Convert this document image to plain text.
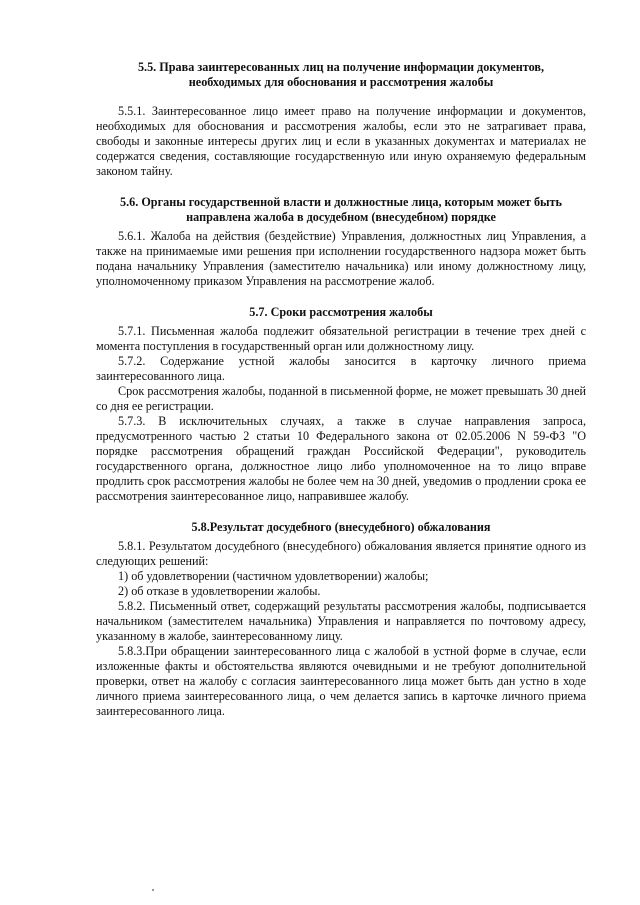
5.5. Права заинтересованных лиц на получение информации документов,
необходимых для обоснования и рассмотрения жалобы

5.5.1. Заинтересованное лицо имеет право на получение информации и документов, необходимых для обоснования и рассмотрения жалобы, если это не затрагивает права, свободы и законные интересы других лиц и если в указанных документах и материалах не содержатся сведения, составляющие государственную или иную охраняемую федеральным законом тайну.

5.6. Органы государственной власти и должностные лица, которым может быть
направлена жалоба в досудебном (внесудебном) порядке

5.6.1. Жалоба на действия (бездействие) Управления, должностных лиц Управления, а также на принимаемые ими решения при исполнении государственного надзора может быть подана начальнику Управления (заместителю начальника) или иному должностному лицу, уполномоченному приказом Управления на рассмотрение жалоб.

5.7. Сроки рассмотрения жалобы

5.7.1. Письменная жалоба подлежит обязательной регистрации в течение трех дней с момента поступления в государственный орган или должностному лицу.

5.7.2. Содержание устной жалобы заносится в карточку личного приема заинтересованного лица.

Срок рассмотрения жалобы, поданной в письменной форме, не может превышать 30 дней со дня ее регистрации.

5.7.3. В исключительных случаях, а также в случае направления запроса, предусмотренного частью 2 статьи 10 Федерального закона от 02.05.2006 N 59-ФЗ "О порядке рассмотрения обращений граждан Российской Федерации", руководитель государственного органа, должностное лицо либо уполномоченное на то лицо вправе продлить срок рассмотрения жалобы не более чем на 30 дней, уведомив о продлении срока ее рассмотрения заинтересованное лицо, направившее жалобу.

5.8.Результат досудебного (внесудебного) обжалования

5.8.1. Результатом досудебного (внесудебного) обжалования является принятие одного из следующих решений:

1) об удовлетворении (частичном удовлетворении) жалобы;

2) об отказе в удовлетворении жалобы.

5.8.2. Письменный ответ, содержащий результаты рассмотрения жалобы, подписывается начальником (заместителем начальника) Управления и направляется по почтовому адресу, указанному в жалобе, заинтересованному лицу.

5.8.3.При обращении заинтересованного лица с жалобой в устной форме в случае, если изложенные факты и обстоятельства являются очевидными и не требуют дополнительной проверки, ответ на жалобу с согласия заинтересованного лица может быть дан устно в ходе личного приема заинтересованного лица, о чем делается запись в карточке личного приема заинтересованного лица.
